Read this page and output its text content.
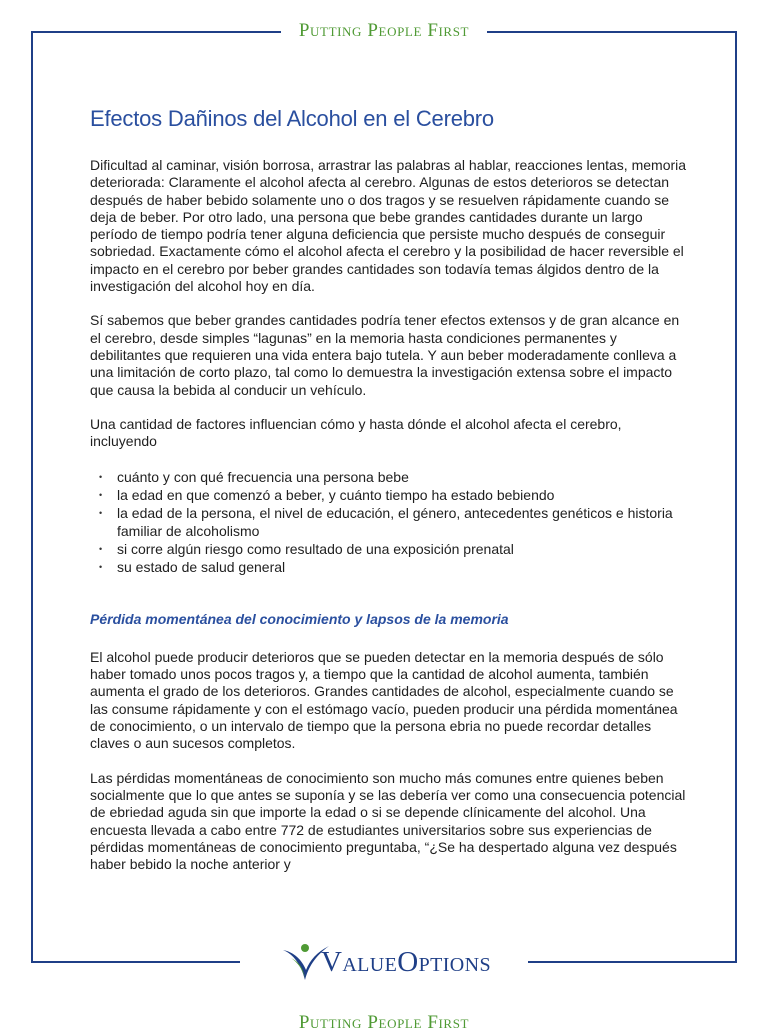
Putting People First
Efectos Dañinos del Alcohol en el Cerebro

Dificultad al caminar, visión borrosa, arrastrar las palabras al hablar, reacciones lentas, memoria deteriorada: Claramente el alcohol afecta al cerebro. Algunas de estos deterioros se detectan después de haber bebido solamente uno o dos tragos y se resuelven rápidamente cuando se deja de beber. Por otro lado, una persona que bebe grandes cantidades durante un largo período de tiempo podría tener alguna deficiencia que persiste mucho después de conseguir sobriedad. Exactamente cómo el alcohol afecta el cerebro y la posibilidad de hacer reversible el impacto en el cerebro por beber grandes cantidades son todavía temas álgidos dentro de la investigación del alcohol hoy en día.

Sí sabemos que beber grandes cantidades podría tener efectos extensos y de gran alcance en el cerebro, desde simples “lagunas” en la memoria hasta condiciones permanentes y debilitantes que requieren una vida entera bajo tutela. Y aun beber moderadamente conlleva a una limitación de corto plazo, tal como lo demuestra la investigación extensa sobre el impacto que causa la bebida al conducir un vehículo.

Una cantidad de factores influencian cómo y hasta dónde el alcohol afecta el cerebro, incluyendo

• cuánto y con qué frecuencia una persona bebe
• la edad en que comenzó a beber, y cuánto tiempo ha estado bebiendo
• la edad de la persona, el nivel de educación, el género, antecedentes genéticos e historia familiar de alcoholismo
• si corre algún riesgo como resultado de una exposición prenatal
• su estado de salud general
Pérdida momentánea del conocimiento y lapsos de la memoria

El alcohol puede producir deterioros que se pueden detectar en la memoria después de sólo haber tomado unos pocos tragos y, a tiempo que la cantidad de alcohol aumenta, también aumenta el grado de los deterioros. Grandes cantidades de alcohol, especialmente cuando se las consume rápidamente y con el estómago vacío, pueden producir una pérdida momentánea de conocimiento, o un intervalo de tiempo que la persona ebria no puede recordar detalles claves o aun sucesos completos.

Las pérdidas momentáneas de conocimiento son mucho más comunes entre quienes beben socialmente que lo que antes se suponía y se las debería ver como una consecuencia potencial de ebriedad aguda sin que importe la edad o si se depende clínicamente del alcohol. Una encuesta llevada a cabo entre 772 de estudiantes universitarios sobre sus experiencias de pérdidas momentáneas de conocimiento preguntaba, “¿Se ha despertado alguna vez después haber bebido la noche anterior y

ValueOptions
Putting People First
